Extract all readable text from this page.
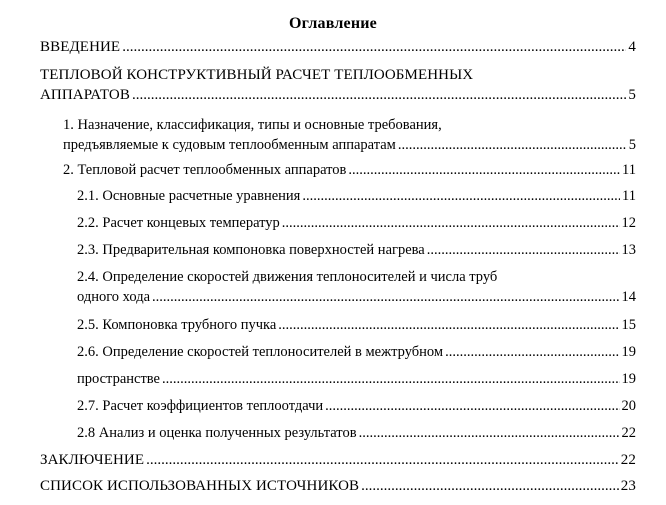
Оглавление
ВВЕДЕНИЕ .....	4
ТЕПЛОВОЙ КОНСТРУКТИВНЫЙ РАСЧЕТ ТЕПЛООБМЕННЫХ
АППАРАТОВ .....	5
1. Назначение, классификация, типы и основные требования,
предъявляемые к судовым теплообменным аппаратам .....	5
2. Тепловой расчет теплообменных аппаратов .....	11
2.1. Основные расчетные уравнения .....	11
2.2. Расчет концевых температур .....	12
2.3. Предварительная компоновка поверхностей нагрева .....	13
2.4. Определение скоростей движения теплоносителей и числа труб
одного хода .....	14
2.5. Компоновка трубного пучка .....	15
2.6. Определение скоростей теплоносителей в межтрубном .....	19
пространстве .....	19
2.7. Расчет коэффициентов теплоотдачи .....	20
2.8 Анализ и оценка полученных результатов .....	22
ЗАКЛЮЧЕНИЕ .....	22
СПИСОК ИСПОЛЬЗОВАННЫХ ИСТОЧНИКОВ .....	23
